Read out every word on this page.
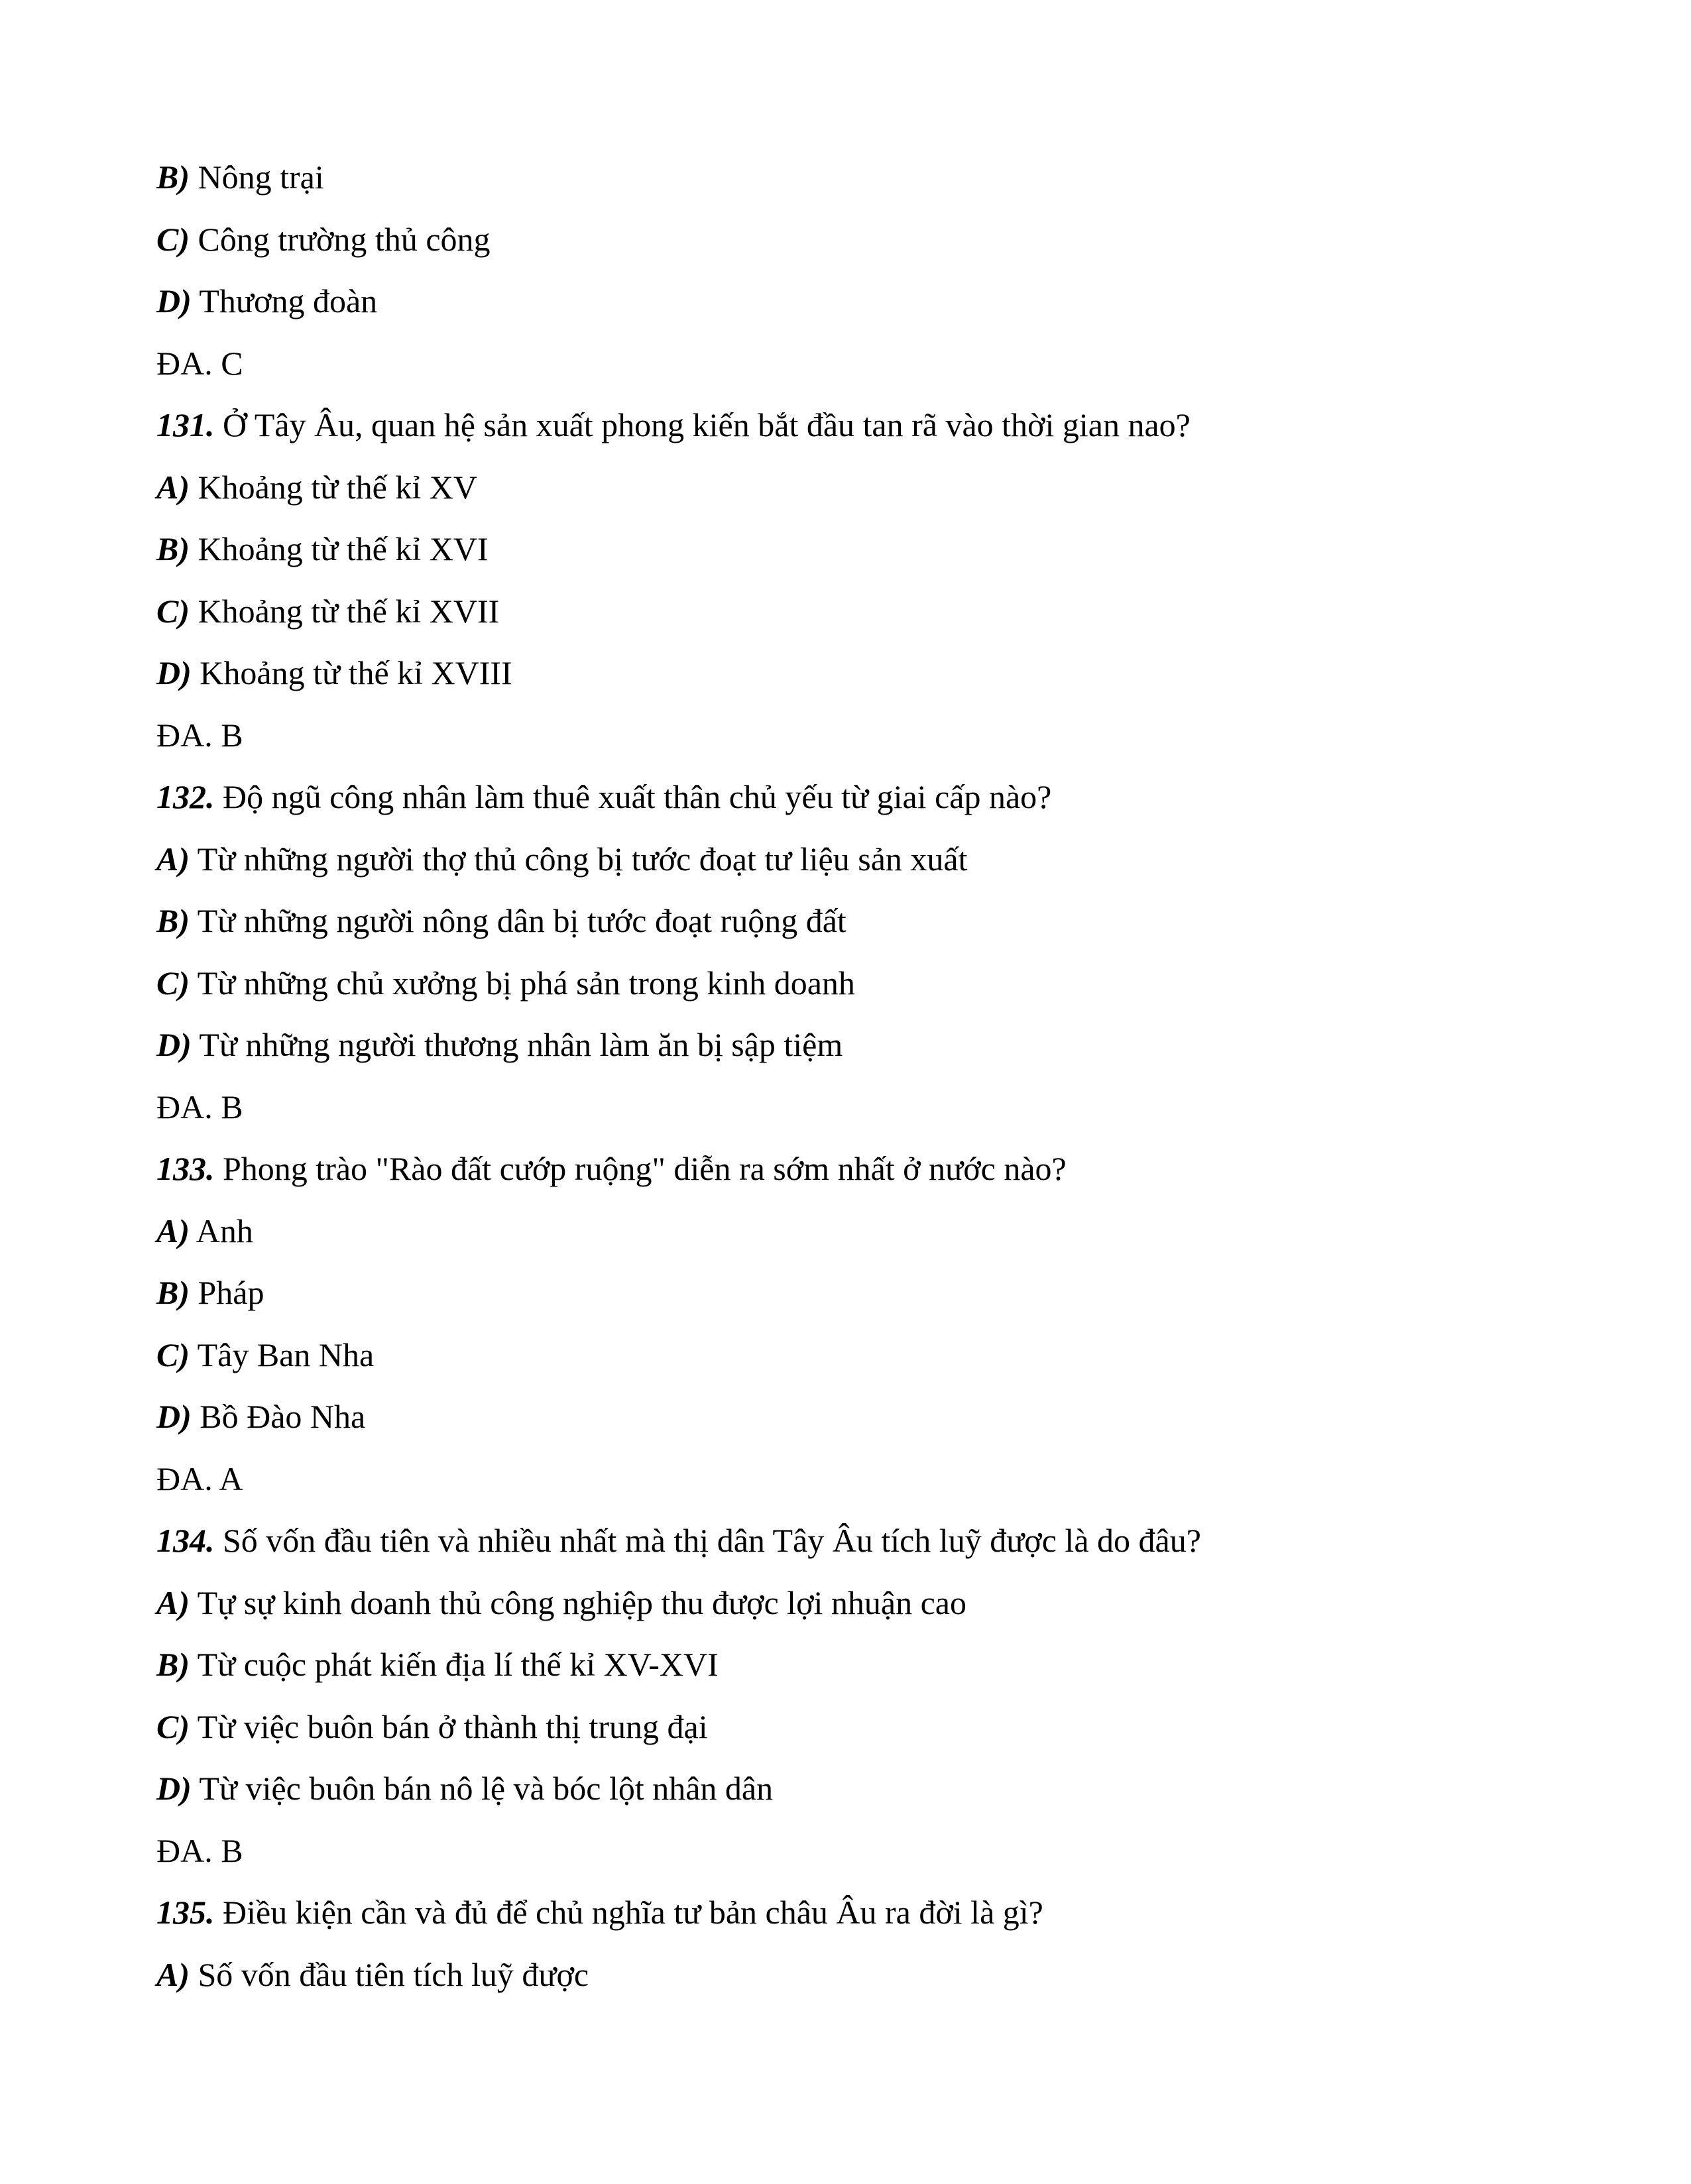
B) Nông trại
C) Công trường thủ công
D) Thương đoàn
ĐA. C
131. Ở Tây Âu, quan hệ sản xuất phong kiến bắt đầu tan rã vào thời gian nao?
A) Khoảng từ thế kỉ XV
B) Khoảng từ thế kỉ XVI
C) Khoảng từ thế kỉ XVII
D) Khoảng từ thế kỉ XVIII
ĐA. B
132. Độ ngũ công nhân làm thuê xuất thân chủ yếu từ giai cấp nào?
A) Từ những người thợ thủ công bị tước đoạt tư liệu sản xuất
B) Từ những người nông dân bị tước đoạt ruộng đất
C) Từ những chủ xưởng bị phá sản trong kinh doanh
D) Từ những người thương nhân làm ăn bị sập tiệm
ĐA. B
133. Phong trào "Rào đất cướp ruộng" diễn ra sớm nhất ở nước nào?
A) Anh
B) Pháp
C) Tây Ban Nha
D) Bồ Đào Nha
ĐA. A
134. Số vốn đầu tiên và nhiều nhất mà thị dân Tây Âu tích luỹ được là do đâu?
A) Tự sự kinh doanh thủ công nghiệp thu được lợi nhuận cao
B) Từ cuộc phát kiến địa lí thế kỉ XV-XVI
C) Từ việc buôn bán ở thành thị trung đại
D) Từ việc buôn bán nô lệ và bóc lột nhân dân
ĐA. B
135. Điều kiện cần và đủ để chủ nghĩa tư bản châu Âu ra đời là gì?
A) Số vốn đầu tiên tích luỹ được
